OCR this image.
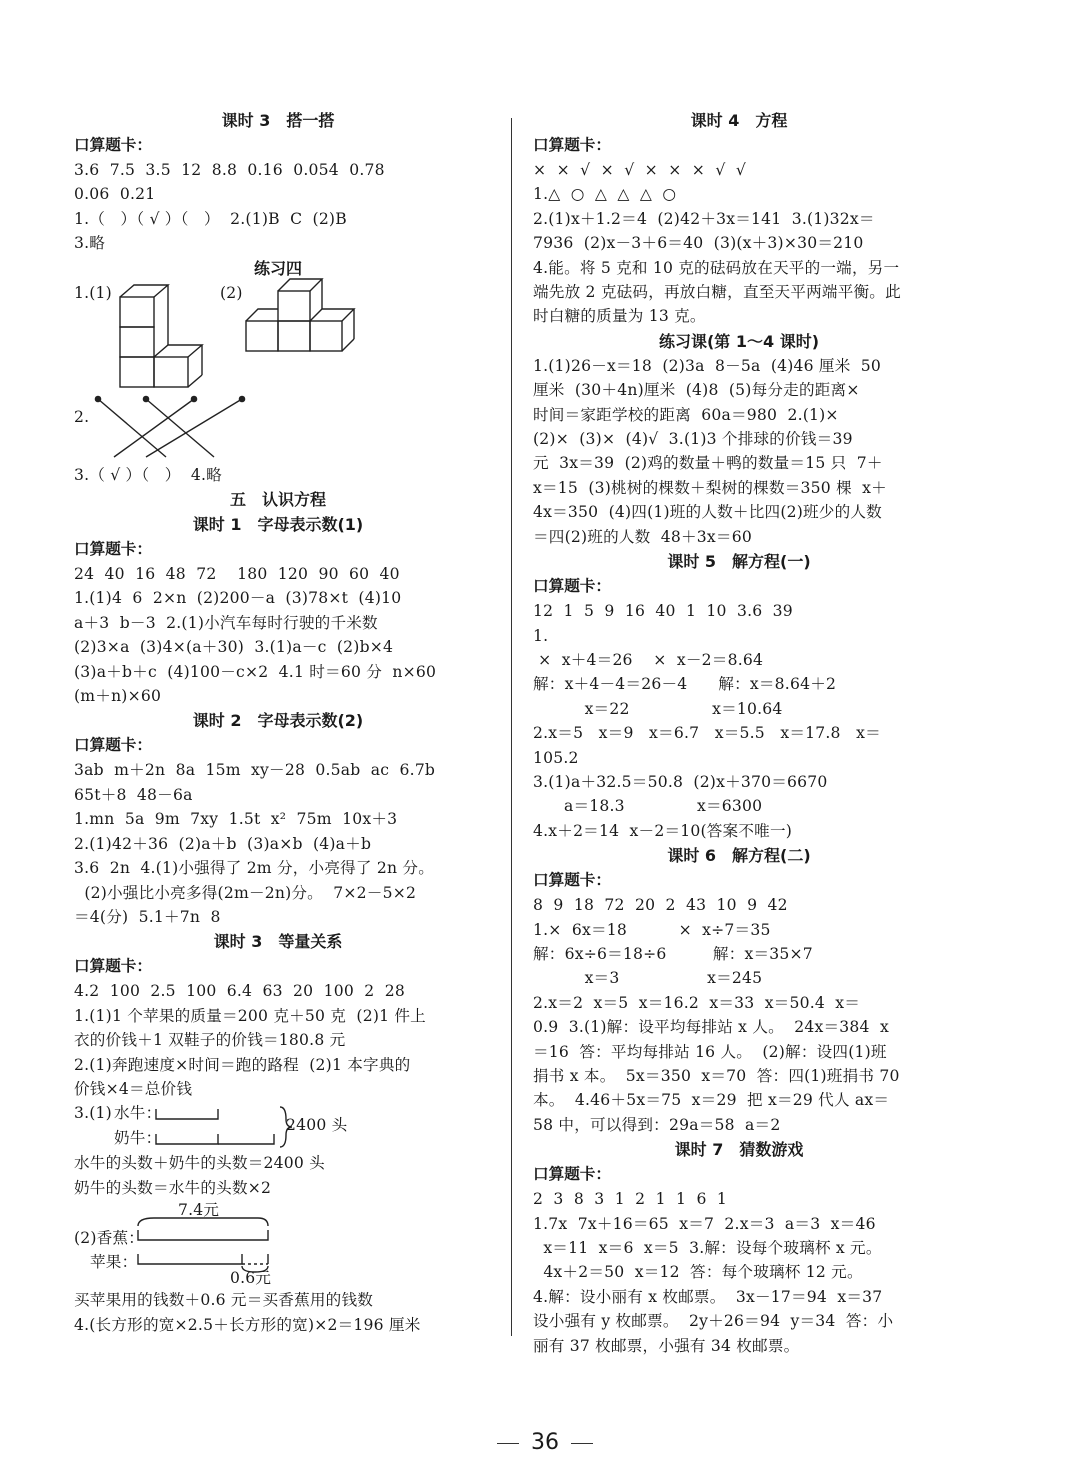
课时 3　搭一搭
口算题卡：
3.6  7.5  3.5  12  8.8  0.16  0.054  0.78
0.06  0.21
1.（   ）（ √ ）（   ）  2.(1)B  C  (2)B
3.略
练习四
1.(1)	(2)
2.
3.（ √ ）（   ）  4.略
五　认识方程
课时 1　字母表示数(1)
口算题卡：
24  40  16  48  72    180  120  90  60  40
1.(1)4  6  2×n  (2)200－a  (3)78×t  (4)10
a＋3  b－3  2.(1)小汽车每时行驶的千米数
(2)3×a  (3)4×(a＋30)  3.(1)a－c  (2)b×4
(3)a＋b＋c  (4)100－c×2  4.1 时＝60 分  n×60
(m＋n)×60
课时 2　字母表示数(2)
口算题卡：
3ab  m＋2n  8a  15m  xy－28  0.5ab  ac  6.7b
65t＋8  48－6a
1.mn  5a  9m  7xy  1.5t  x²  75m  10x＋3
2.(1)42＋36  (2)a＋b  (3)a×b  (4)a＋b
3.6  2n  4.(1)小强得了 2m 分，小亮得了 2n 分。
(2)小强比小亮多得(2m－2n)分。  7×2－5×2
＝4(分)  5.1＋7n  8
课时 3　等量关系
口算题卡：
4.2  100  2.5  100  6.4  63  20  100  2  28
1.(1)1 个苹果的质量＝200 克＋50 克  (2)1 件上
衣的价钱＋1 双鞋子的价钱＝180.8 元
2.(1)奔跑速度×时间＝跑的路程  (2)1 本字典的
价钱×4＝总价钱
3.(1) 水牛：
奶牛：
2400 头
水牛的头数＋奶牛的头数＝2400 头
奶牛的头数＝水牛的头数×2
7.4元
(2)香蕉：
苹果：
0.6元
买苹果用的钱数＋0.6 元＝买香蕉用的钱数
4.(长方形的宽×2.5＋长方形的宽)×2＝196 厘米
课时 4　方程
口算题卡：
×  ×  √  ×  √  ×  ×  ×  √  √
1.△  ○  △  △  △  ○
2.(1)x＋1.2＝4  (2)42＋3x＝141  3.(1)32x＝
7936  (2)x－3＋6＝40  (3)(x＋3)×30＝210
4.能。将 5 克和 10 克的砝码放在天平的一端，另一
端先放 2 克砝码，再放白糖，直至天平两端平衡。此
时白糖的质量为 13 克。
练习课(第 1～4 课时)
1.(1)26－x＝18  (2)3a  8－5a  (4)46 厘米  50
厘米  (30＋4n)厘米  (4)8  (5)每分走的距离×
时间＝家距学校的距离  60a＝980  2.(1)×
(2)×  (3)×  (4)√  3.(1)3 个排球的价钱＝39
元  3x＝39  (2)鸡的数量＋鸭的数量＝15 只  7＋
x＝15  (3)桃树的棵数＋梨树的棵数＝350 棵  x＋
4x＝350  (4)四(1)班的人数＋比四(2)班少的人数
＝四(2)班的人数  48＋3x＝60
课时 5　解方程(一)
口算题卡：
12  1  5  9  16  40  1  10  3.6  39
1.
×  x＋4＝26    ×  x－2＝8.64
解：x＋4－4＝26－4      解：x＝8.64＋2
x＝22                x＝10.64
2.x＝5   x＝9   x＝6.7   x＝5.5   x＝17.8   x＝
105.2
3.(1)a＋32.5＝50.8  (2)x＋370＝6670
a＝18.3              x＝6300
4.x＋2＝14  x－2＝10(答案不唯一)
课时 6　解方程(二)
口算题卡：
8  9  18  72  20  2  43  10  9  42
1.×  6x＝18          ×  x÷7＝35
解：6x÷6＝18÷6         解：x＝35×7
x＝3                 x＝245
2.x＝2  x＝5  x＝16.2  x＝33  x＝50.4  x＝
0.9  3.(1)解：设平均每排站 x 人。  24x＝384  x
＝16  答：平均每排站 16 人。  (2)解：设四(1)班
捐书 x 本。  5x＝350  x＝70  答：四(1)班捐书 70
本。  4.46＋5x＝75  x＝29  把 x＝29 代人 ax＝
58 中，可以得到：29a＝58  a＝2
课时 7　猜数游戏
口算题卡：
2  3  8  3  1  2  1  1  6  1
1.7x  7x＋16＝65  x＝7  2.x＝3  a＝3  x＝46
x＝11  x＝6  x＝5  3.解：设每个玻璃杯 x 元。
4x＋2＝50  x＝12  答：每个玻璃杯 12 元。
4.解：设小丽有 x 枚邮票。  3x－17＝94  x＝37
设小强有 y 枚邮票。  2y＋26＝94  y＝34  答：小
丽有 37 枚邮票，小强有 34 枚邮票。
36
